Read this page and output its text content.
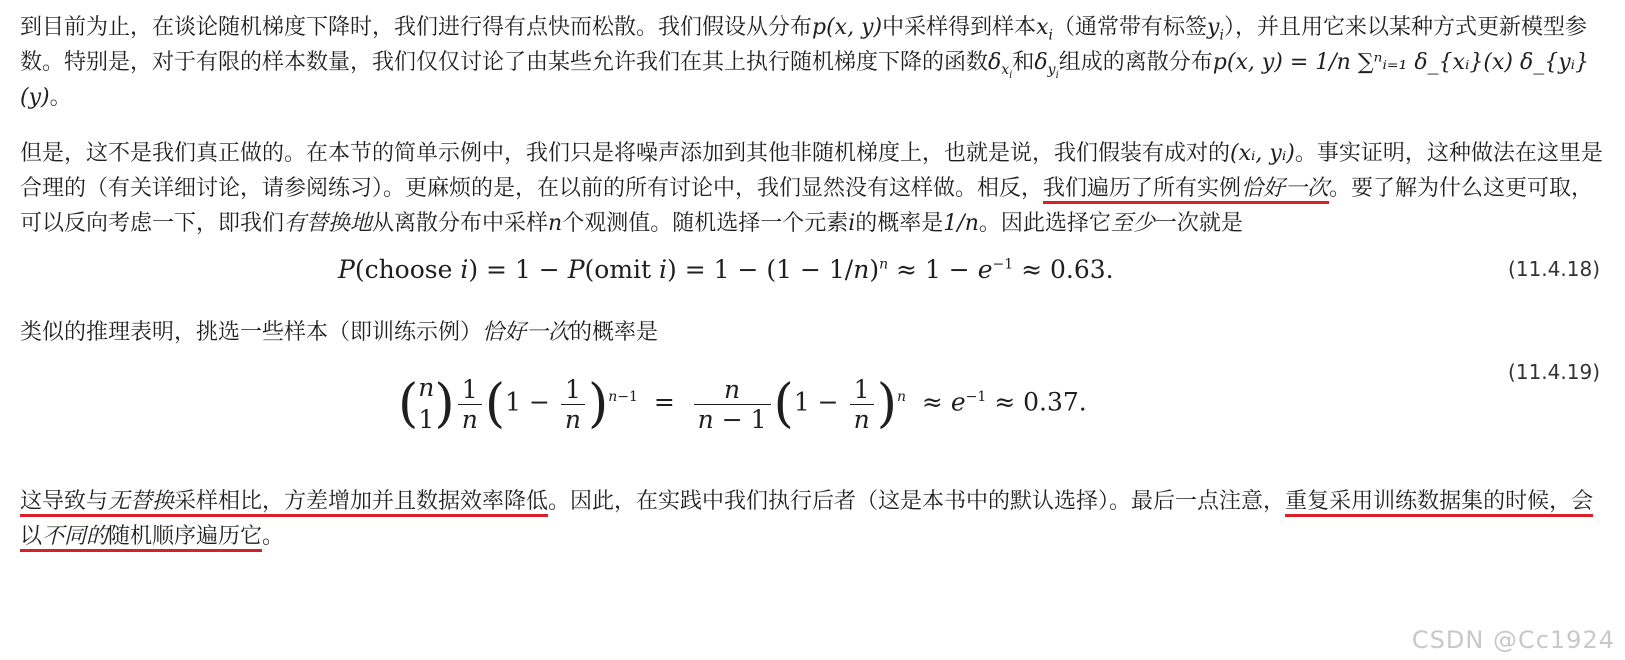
到目前为止，在谈论随机梯度下降时，我们进行得有点快而松散。我们假设从分布p(x, y)中采样得到样本$x_i$（通常带有标签$y_i$），并且用它来以某种方式更新模型参数。特别是，对于有限的样本数量，我们仅仅讨论了由某些允许我们在其上执行随机梯度下降的函数$\delta_{x_i}$和$\delta_{y_i}$组成的离散分布p(x, y) = 1/n ∑ⁿᵢ₌₁ δ_{xᵢ}(x) δ_{yᵢ}(y)。

但是，这不是我们真正做的。在本节的简单示例中，我们只是将噪声添加到其他非随机梯度上，也就是说，我们假装有成对的(xᵢ, yᵢ)。事实证明，这种做法在这里是合理的（有关详细讨论，请参阅练习）。更麻烦的是，在以前的所有讨论中，我们显然没有这样做。相反，我们遍历了所有实例恰好一次。要了解为什么这更可取，可以反向考虑一下，即我们有替换地从离散分布中采样n个观测值。随机选择一个元素i的概率是1/n。因此选择它至少一次就是

P(choose i) = 1 − P(omit $i) = 1 - (1 - 1/n)^n \approx 1 - e^{-1} \approx 0.63$.	(11.4.18)

类似的推理表明，挑选一些样本（即训练示例）恰好一次的概率是

( n
1 ) $\frac{1}{n} (1 - \frac{1}{n} )^{n-1} = \frac{n}{n - 1} (1 - \frac{1}{n} )^n \approx e^{-1} \approx 0.37$.
(11.4.19)

这导致与无替换采样相比，方差增加并且数据效率降低。因此，在实践中我们执行后者（这是本书中的默认选择）。最后一点注意，重复采用训练数据集的时候，会以不同的随机顺序遍历它。

CSDN @Cc1924
